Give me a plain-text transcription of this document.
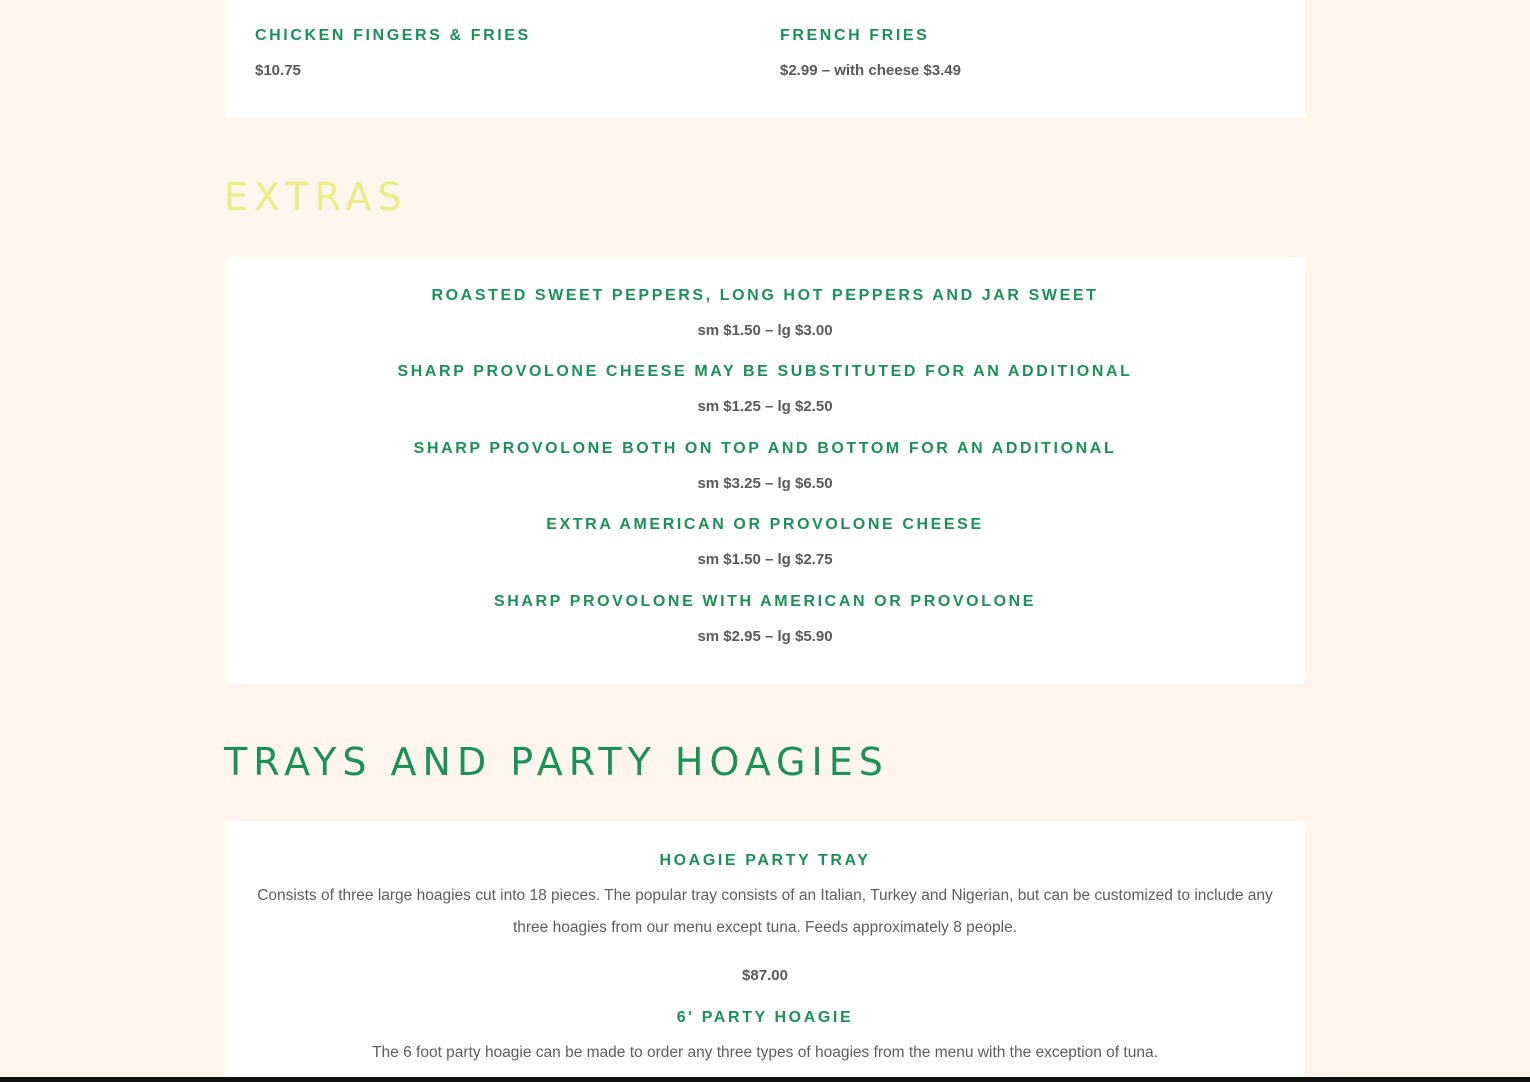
CHICKEN FINGERS & FRIES

$10.75

FRENCH FRIES

$2.99 – with cheese $3.49

EXTRAS
ROASTED SWEET PEPPERS, LONG HOT PEPPERS AND JAR SWEET

sm $1.50 – lg $3.00

SHARP PROVOLONE CHEESE MAY BE SUBSTITUTED FOR AN ADDITIONAL

sm $1.25 – lg $2.50

SHARP PROVOLONE BOTH ON TOP AND BOTTOM FOR AN ADDITIONAL

sm $3.25 – lg $6.50

EXTRA AMERICAN OR PROVOLONE CHEESE

sm $1.50 – lg $2.75

SHARP PROVOLONE WITH AMERICAN OR PROVOLONE

sm $2.95 – lg $5.90

TRAYS AND PARTY HOAGIES
HOAGIE PARTY TRAY

Consists of three large hoagies cut into 18 pieces. The popular tray consists of an Italian, Turkey and Nigerian, but can be customized to include any three hoagies from our menu except tuna. Feeds approximately 8 people.

$87.00

6' PARTY HOAGIE

The 6 foot party hoagie can be made to order any three types of hoagies from the menu with the exception of tuna.
